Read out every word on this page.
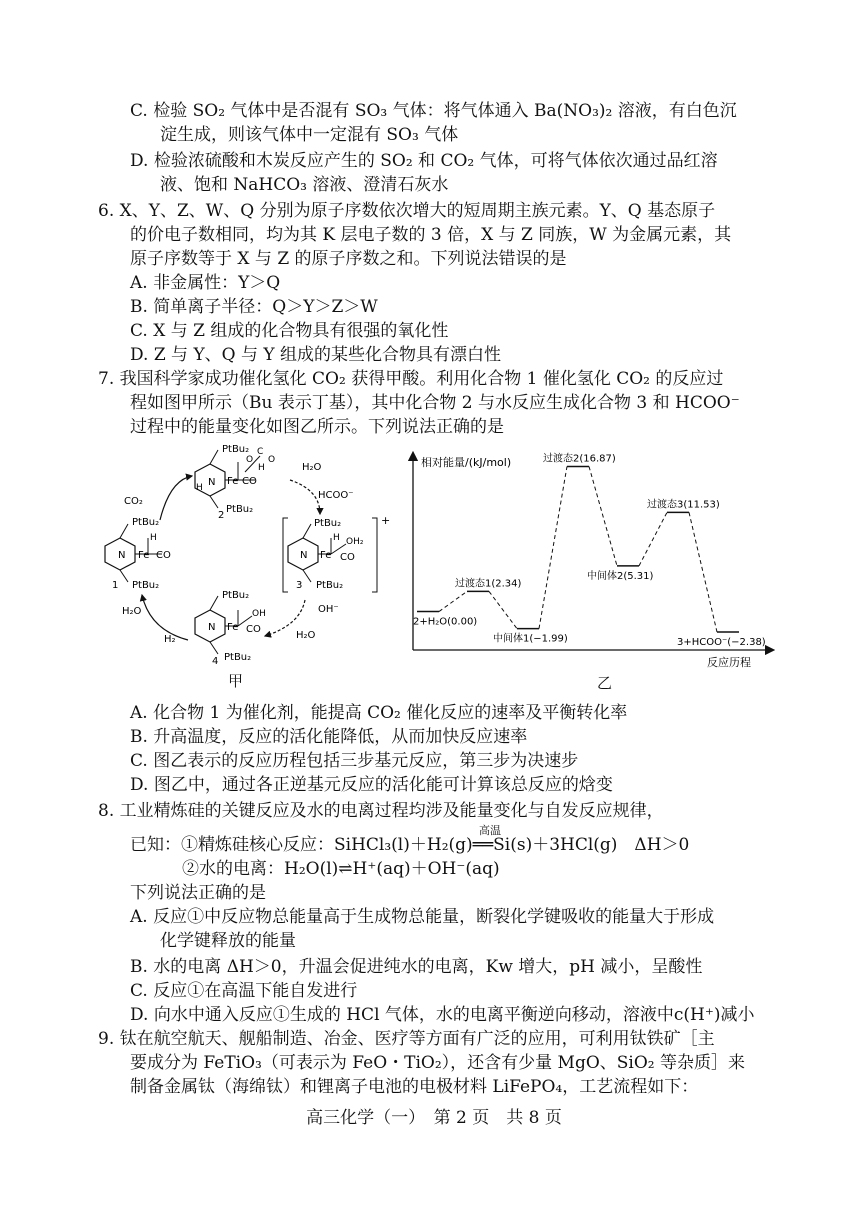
C. 检验 SO₂ 气体中是否混有 SO₃ 气体：将气体通入 Ba(NO₃)₂ 溶液，有白色沉
淀生成，则该气体中一定混有 SO₃ 气体
D. 检验浓硫酸和木炭反应产生的 SO₂ 和 CO₂ 气体，可将气体依次通过品红溶
液、饱和 NaHCO₃ 溶液、澄清石灰水
6. X、Y、Z、W、Q 分别为原子序数依次增大的短周期主族元素。Y、Q 基态原子
的价电子数相同，均为其 K 层电子数的 3 倍，X 与 Z 同族，W 为金属元素，其
原子序数等于 X 与 Z 的原子序数之和。下列说法错误的是
A. 非金属性：Y＞Q
B. 简单离子半径：Q＞Y＞Z＞W
C. X 与 Z 组成的化合物具有很强的氧化性
D. Z 与 Y、Q 与 Y 组成的某些化合物具有漂白性
7. 我国科学家成功催化氢化 CO₂ 获得甲酸。利用化合物 1 催化氢化 CO₂ 的反应过
程如图甲所示（Bu 表示丁基），其中化合物 2 与水反应生成化合物 3 和 HCOO⁻
过程中的能量变化如图乙所示。下列说法正确的是
PtBu₂
N
H
Fe CO
O
C
O
H
2
PtBu₂
PtBu₂
N Fe
H
CO
1 PtBu₂
PtBu₂
N Fe
H OH₂
CO
3 PtBu₂
+
PtBu₂
N Fe
OH
CO
4 PtBu₂
CO₂
H₂O
HCOO⁻
OH⁻
H₂O
H₂O
H₂
甲
相对能量/(kJ/mol)
反应历程
2+H₂O(0.00)
过渡态1(2.34)
中间体1(−1.99)
过渡态2(16.87)
中间体2(5.31)
过渡态3(11.53)
3+HCOO⁻(−2.38)
乙
A. 化合物 1 为催化剂，能提高 CO₂ 催化反应的速率及平衡转化率
B. 升高温度，反应的活化能降低，从而加快反应速率
C. 图乙表示的反应历程包括三步基元反应，第三步为决速步
D. 图乙中，通过各正逆基元反应的活化能可计算该总反应的焓变
8. 工业精炼硅的关键反应及水的电离过程均涉及能量变化与自发反应规律，
已知：①精炼硅核心反应：SiHCl₃(l)＋H₂(g)══Si(s)＋3HCl(g)　ΔH＞0
高温
②水的电离：H₂O(l)⇌H⁺(aq)＋OH⁻(aq)
下列说法正确的是
A. 反应①中反应物总能量高于生成物总能量，断裂化学键吸收的能量大于形成
化学键释放的能量
B. 水的电离 ΔH＞0，升温会促进纯水的电离，Kw 增大，pH 减小，呈酸性
C. 反应①在高温下能自发进行
D. 向水中通入反应①生成的 HCl 气体，水的电离平衡逆向移动，溶液中c(H⁺)减小
9. 钛在航空航天、舰船制造、冶金、医疗等方面有广泛的应用，可利用钛铁矿［主
要成分为 FeTiO₃（可表示为 FeO・TiO₂），还含有少量 MgO、SiO₂ 等杂质］来
制备金属钛（海绵钛）和锂离子电池的电极材料 LiFePO₄，工艺流程如下：
高三化学（一）　第 2 页　共 8 页
